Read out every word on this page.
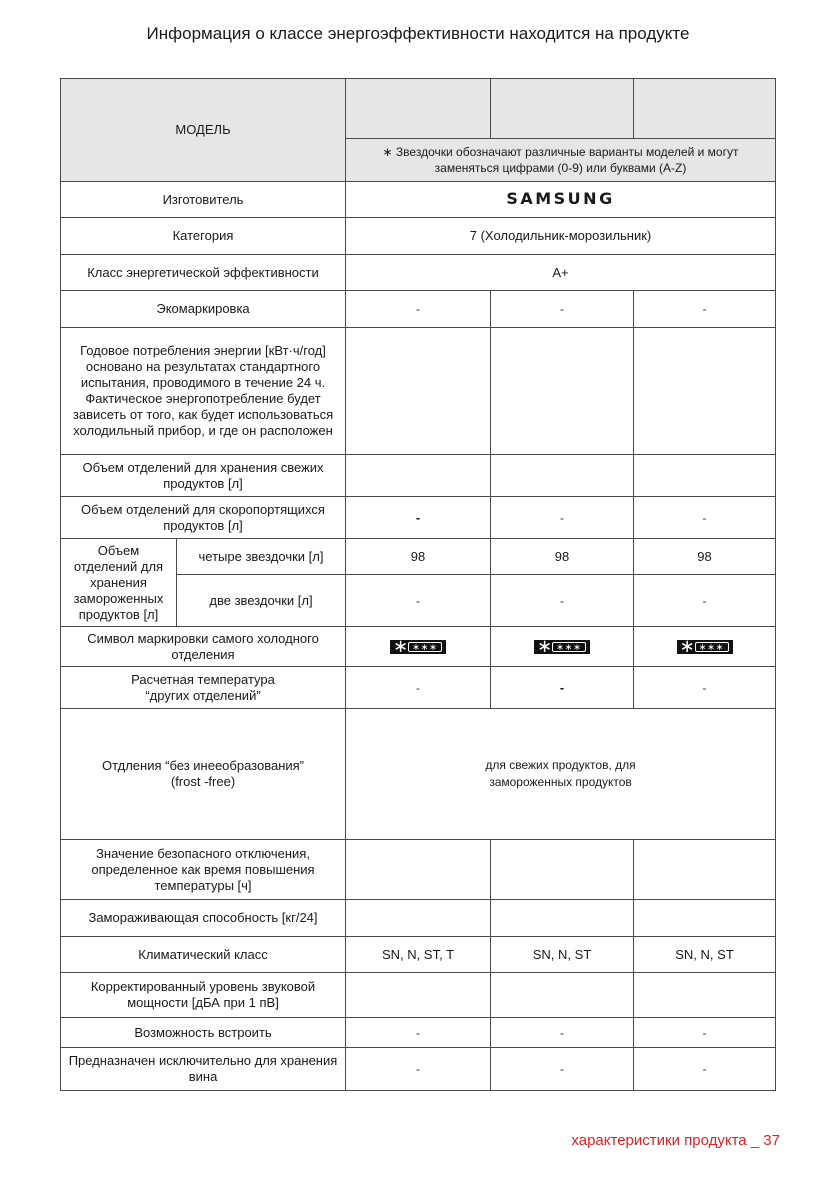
Информация о классе энергоэффективности находится на продукте
МОДЕЛЬ				
		∗ Звездочки обозначают различные варианты моделей и могут заменяться цифрами (0-9) или буквами (A-Z)		
Изготовитель		SAMSUNG		
Категория		7 (Холодильник-морозильник)		
Класс энергетической эффективности		A+		
Экомаркировка		-	-	-
Годовое потребления энергии [кВт·ч/год] основано на результатах стандартного испытания, проводимого в течение 24 ч. Фактическое энергопотребление будет зависеть от того, как будет использоваться холодильный прибор, и где он расположен				
Объем отделений для хранения свежих продуктов [л]				
Объем отделений для скоропортящихся продуктов [л]		-	-	-
Объем отделений для хранения замороженных продуктов [л]	четыре звездочки [л]	98	98	98
	две звездочки [л]	-	-	-
Символ маркировки самого холодного отделения		∗ ∗∗∗	∗ ∗∗∗	∗ ∗∗∗

Расчетная температура
“других отделений”		-	-	-

Отдления “без инеeобразования”
(frost -free)		для свежих продуктов, для замороженных продуктов		

Значение безопасного отключения, определенное как время повышения температуры [ч]				
Замораживающая способность [кг/24]				
Климатический класс		SN, N, ST, T	SN, N, ST	SN, N, ST
Корректированный уровень звуковой мощности [дБА при 1 пВ]				
Возможность встроить		-	-	-
Предназначен исключительно для хранения вина		-	-	-
характеристики продукта _ 37
